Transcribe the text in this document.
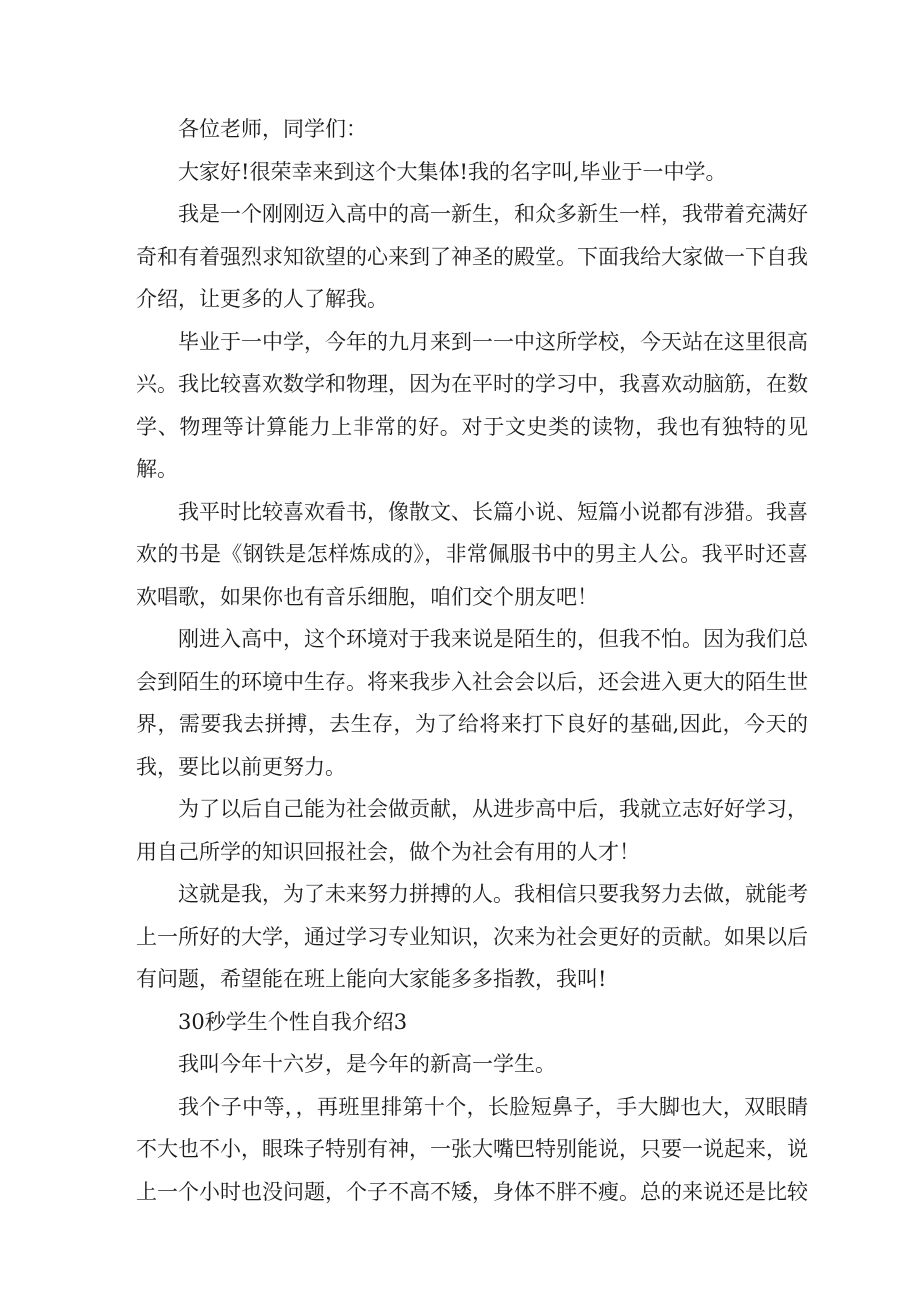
各位老师，同学们：

大家好!很荣幸来到这个大集体!我的名字叫,毕业于一中学。

我是一个刚刚迈入高中的高一新生，和众多新生一样，我带着充满好奇和有着强烈求知欲望的心来到了神圣的殿堂。下面我给大家做一下自我介绍，让更多的人了解我。

毕业于一中学，今年的九月来到一一中这所学校，今天站在这里很高兴。我比较喜欢数学和物理，因为在平时的学习中，我喜欢动脑筋，在数学、物理等计算能力上非常的好。对于文史类的读物，我也有独特的见解。

我平时比较喜欢看书，像散文、长篇小说、短篇小说都有涉猎。我喜欢的书是《钢铁是怎样炼成的》，非常佩服书中的男主人公。我平时还喜欢唱歌，如果你也有音乐细胞，咱们交个朋友吧！

刚进入高中，这个环境对于我来说是陌生的，但我不怕。因为我们总会到陌生的环境中生存。将来我步入社会会以后，还会进入更大的陌生世界，需要我去拼搏，去生存，为了给将来打下良好的基础,因此，今天的我，要比以前更努力。

为了以后自己能为社会做贡献，从进步高中后，我就立志好好学习，用自己所学的知识回报社会，做个为社会有用的人才！

这就是我，为了未来努力拼搏的人。我相信只要我努力去做，就能考上一所好的大学，通过学习专业知识，次来为社会更好的贡献。如果以后有问题，希望能在班上能向大家能多多指教，我叫!

30秒学生个性自我介绍3

我叫今年十六岁，是今年的新高一学生。

我个子中等，，再班里排第十个，长脸短鼻子，手大脚也大，双眼睛不大也不小，眼珠子特别有神，一张大嘴巴特别能说，只要一说起来，说上一个小时也没问题，个子不高不矮，身体不胖不瘦。总的来说还是比较
